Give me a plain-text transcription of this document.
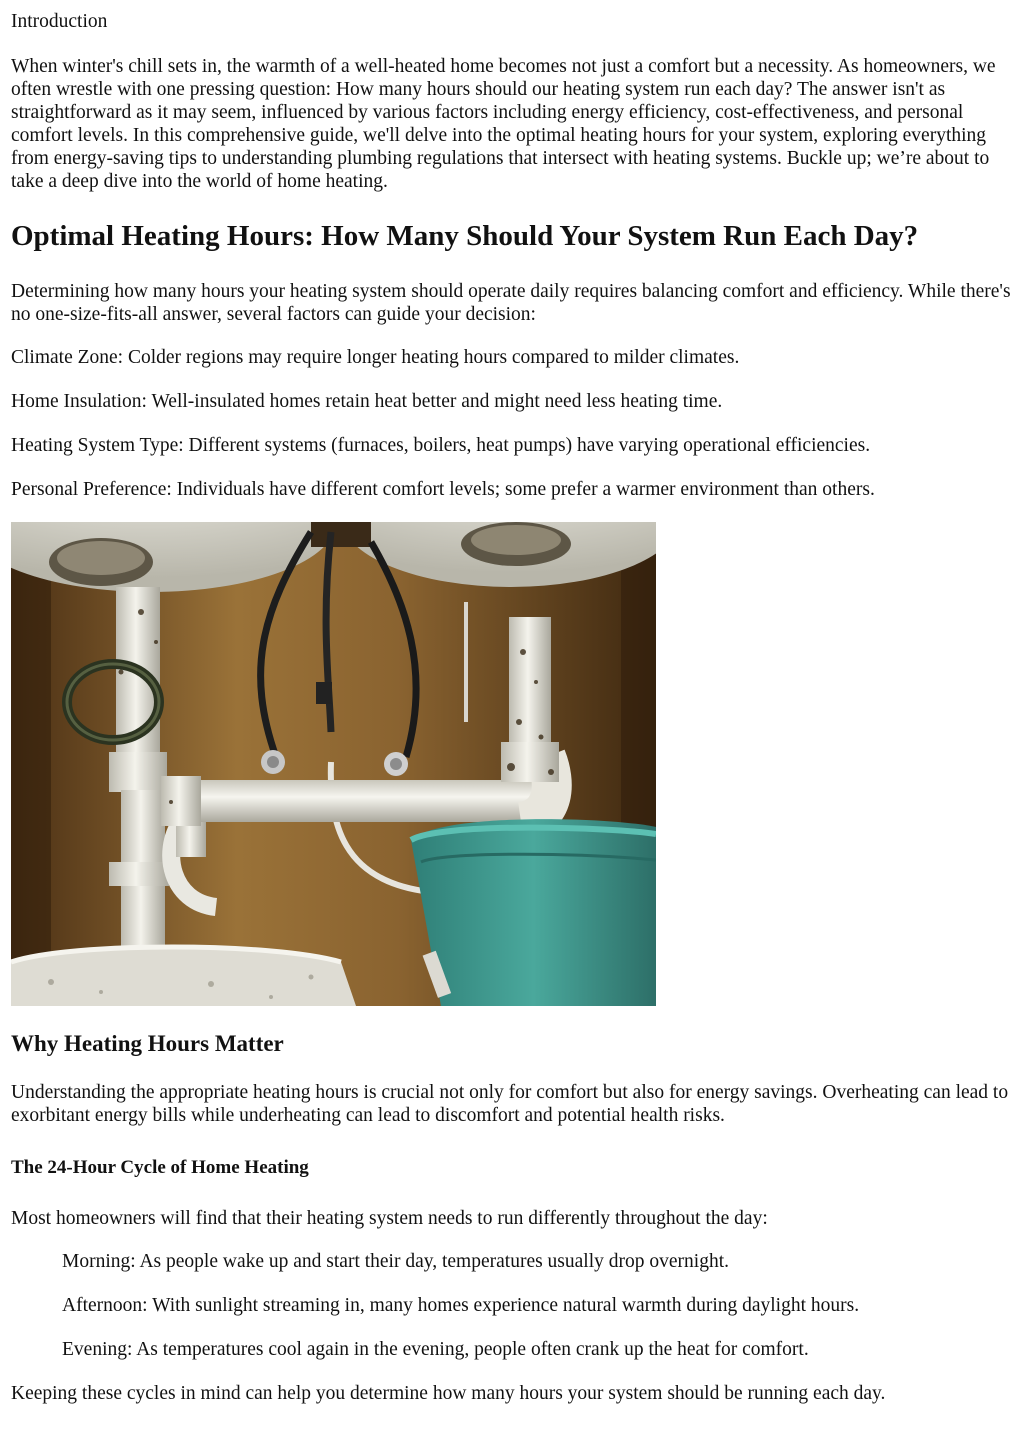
Introduction

When winter's chill sets in, the warmth of a well-heated home becomes not just a comfort but a necessity. As homeowners, we often wrestle with one pressing question: How many hours should our heating system run each day? The answer isn't as straightforward as it may seem, influenced by various factors including energy efficiency, cost-effectiveness, and personal comfort levels. In this comprehensive guide, we'll delve into the optimal heating hours for your system, exploring everything from energy-saving tips to understanding plumbing regulations that intersect with heating systems. Buckle up; we’re about to take a deep dive into the world of home heating.

Optimal Heating Hours: How Many Should Your System Run Each Day?

Determining how many hours your heating system should operate daily requires balancing comfort and efficiency. While there's no one-size-fits-all answer, several factors can guide your decision:

Climate Zone: Colder regions may require longer heating hours compared to milder climates.

Home Insulation: Well-insulated homes retain heat better and might need less heating time.

Heating System Type: Different systems (furnaces, boilers, heat pumps) have varying operational efficiencies.

Personal Preference: Individuals have different comfort levels; some prefer a warmer environment than others.

Why Heating Hours Matter

Understanding the appropriate heating hours is crucial not only for comfort but also for energy savings. Overheating can lead to exorbitant energy bills while underheating can lead to discomfort and potential health risks.

The 24-Hour Cycle of Home Heating

Most homeowners will find that their heating system needs to run differently throughout the day:

Morning: As people wake up and start their day, temperatures usually drop overnight.

Afternoon: With sunlight streaming in, many homes experience natural warmth during daylight hours.

Evening: As temperatures cool again in the evening, people often crank up the heat for comfort.

Keeping these cycles in mind can help you determine how many hours your system should be running each day.
